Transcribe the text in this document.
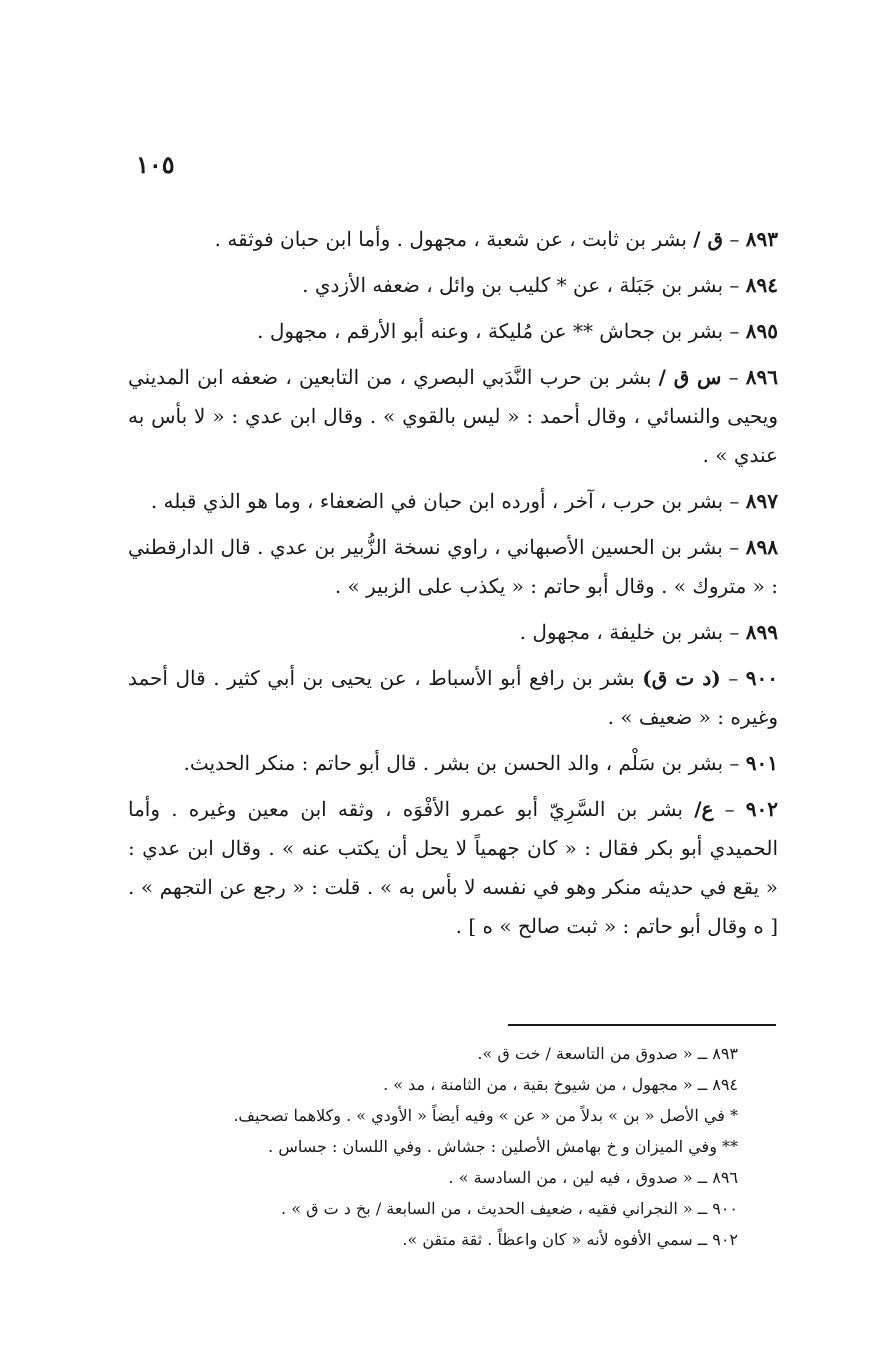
١٠٥

٨٩٣ – ق / بشر بن ثابت ، عن شعبة ، مجهول . وأما ابن حبان فوثقه .

٨٩٤ – بشر بن جَبَلة ، عن * كليب بن وائل ، ضعفه الأزدي .

٨٩٥ – بشر بن جحاش ** عن مُليكة ، وعنه أبو الأرقم ، مجهول .

٨٩٦ – س ق / بشر بن حرب النَّدَبي البصري ، من التابعين ، ضعفه ابن المديني ويحيى والنسائي ، وقال أحمد : « ليس بالقوي » . وقال ابن عدي : « لا بأس به عندي » .

٨٩٧ – بشر بن حرب ، آخر ، أورده ابن حبان في الضعفاء ، وما هو الذي قبله .

٨٩٨ – بشر بن الحسين الأصبهاني ، راوي نسخة الزُّبير بن عدي . قال الدارقطني : « متروك » . وقال أبو حاتم : « يكذب على الزبير » .

٨٩٩ – بشر بن خليفة ، مجهول .

٩٠٠ – (د ت ق) بشر بن رافع أبو الأسباط ، عن يحيى بن أبي كثير . قال أحمد وغيره : « ضعيف » .

٩٠١ – بشر بن سَلْم ، والد الحسن بن بشر . قال أبو حاتم : منكر الحديث.

٩٠٢ – ع/ بشر بن السَّرِيّ أبو عمرو الأفْوَه ، وثقه ابن معين وغيره . وأما الحميدي أبو بكر فقال : « كان جهمياً لا يحل أن يكتب عنه » . وقال ابن عدي : « يقع في حديثه منكر وهو في نفسه لا بأس به » . قلت : « رجع عن التجهم » . [ ه وقال أبو حاتم : « ثبت صالح » ه ] .

٨٩٣ ــ « صدوق من التاسعة / خت ق ».

٨٩٤ ــ « مجهول ، من شيوخ بقية ، من الثامنة ، مد » .

* في الأصل « بن » بدلاً من « عن » وفيه أيضاً « الأودي » . وكلاهما تصحيف.

** وفي الميزان و خ بهامش الأصلين : جشاش . وفي اللسان : جساس .

٨٩٦ ــ « صدوق ، فيه لين ، من السادسة » .

٩٠٠ ــ « النجراني فقيه ، ضعيف الحديث ، من السابعة / بخ د ت ق » .

٩٠٢ ــ سمي الأفوه لأنه « كان واعظاً . ثقة متقن ».
